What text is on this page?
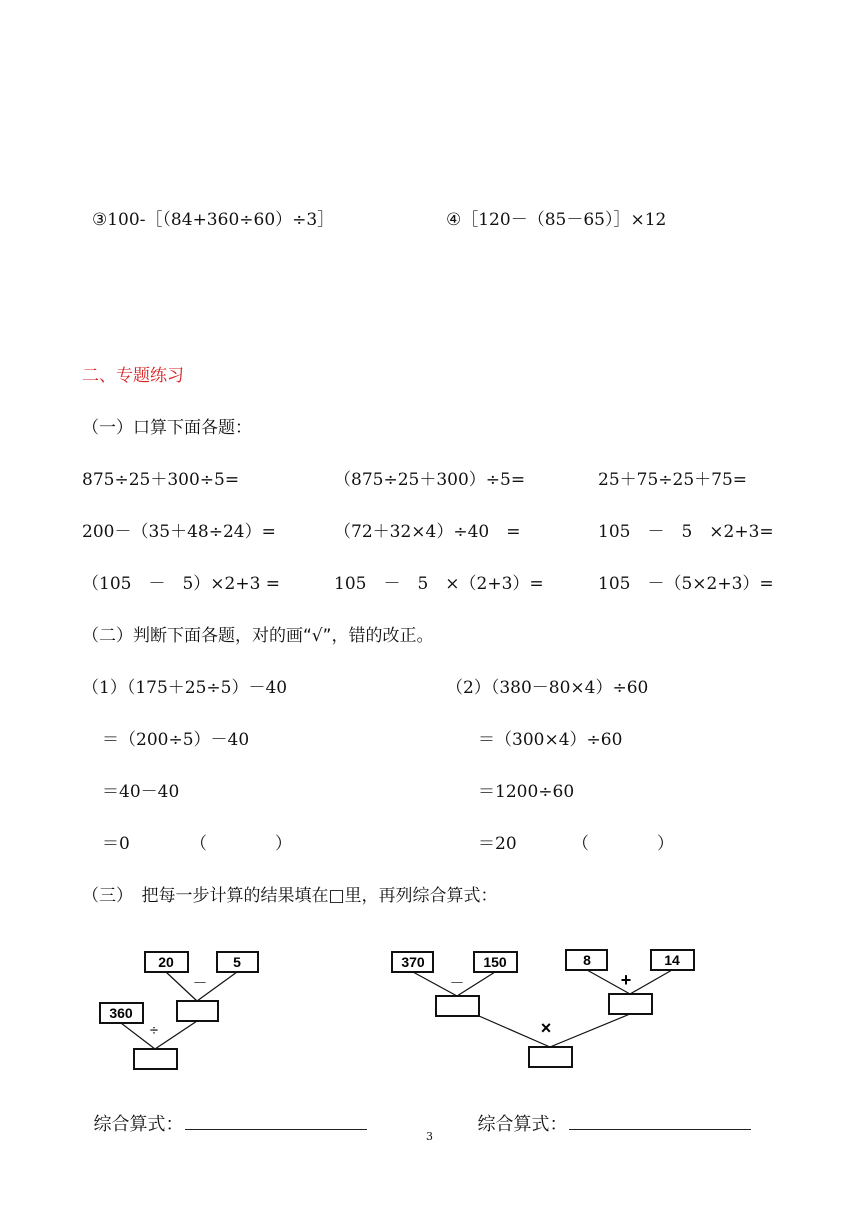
③100-［（84+360÷60）÷3］	④［120－（85－65）］×12
二、专题练习
（一）口算下面各题：
875÷25＋300÷5=	（875÷25＋300）÷5=	25＋75÷25＋75=
200－（35＋48÷24）=	（72＋32×4）÷40　=	105　－　5　×2+3=
（105　－　5）×2+3 =	105　－　5　×（2+3）=	105　－（5×2+3）=
（二）判断下面各题，对的画“√”，错的改正。
（1）（175＋25÷5）－40
＝（200÷5）－40
＝40－40
＝0	（　　　　）
（2）（380－80×4）÷60
＝（300×4）÷60
＝1200÷60
＝20	（　　　　）
（三）　把每一步计算的结果填在□里，再列综合算式：
20	5
360
－
÷
370	150	8	14
－	+
×

综合算式：	综合算式：

3
